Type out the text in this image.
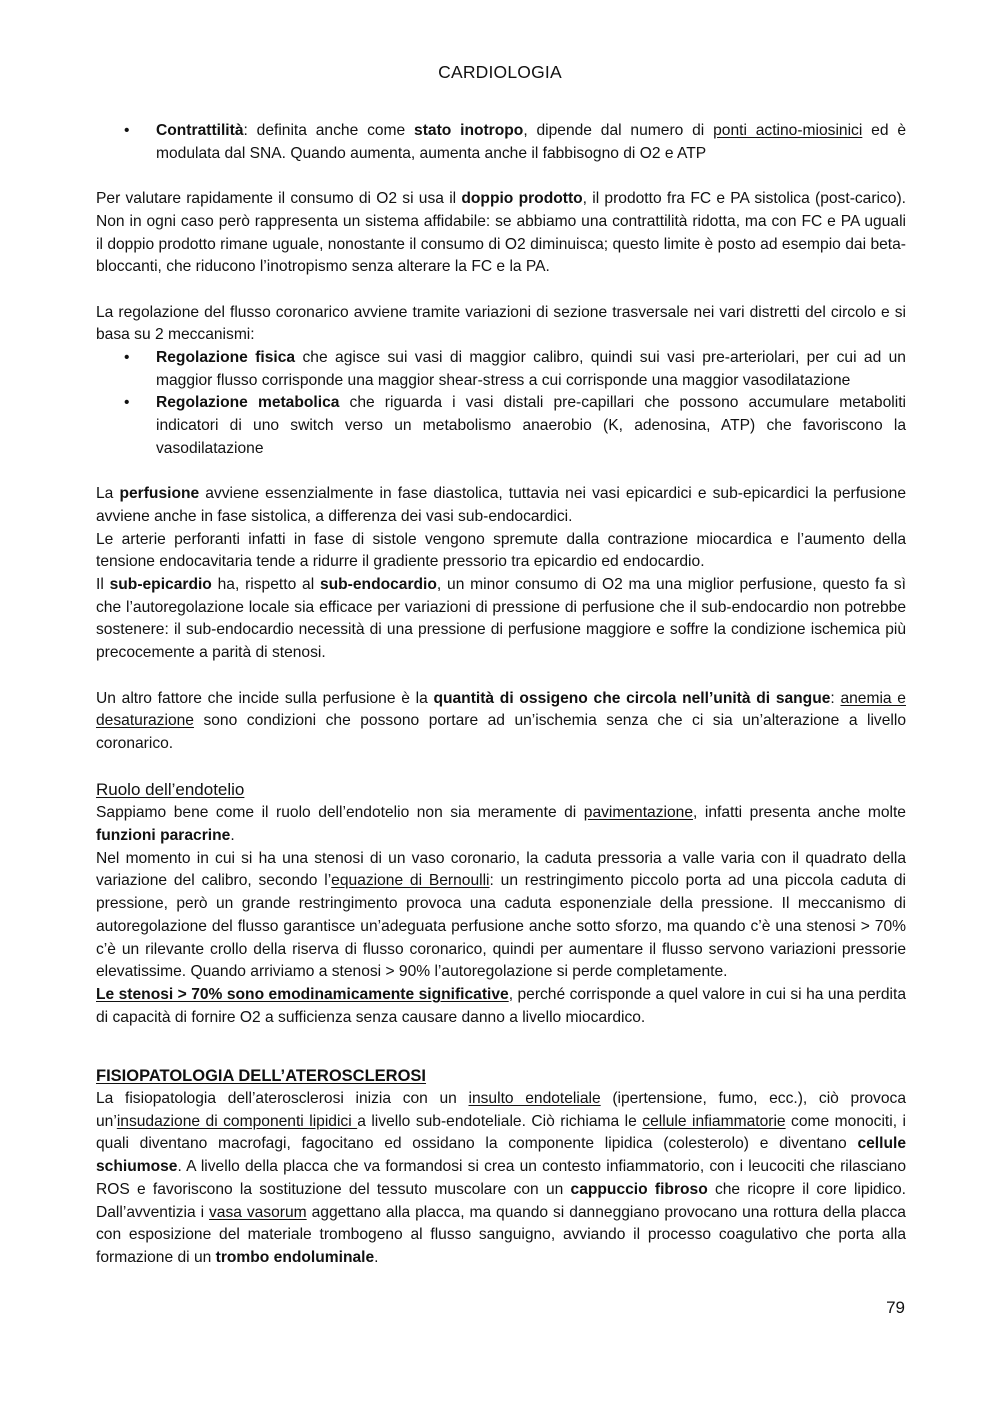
CARDIOLOGIA
• Contrattilità: definita anche come stato inotropo, dipende dal numero di ponti actino-miosinici ed è modulata dal SNA. Quando aumenta, aumenta anche il fabbisogno di O2 e ATP

Per valutare rapidamente il consumo di O2 si usa il doppio prodotto, il prodotto fra FC e PA sistolica (post-carico). Non in ogni caso però rappresenta un sistema affidabile: se abbiamo una contrattilità ridotta, ma con FC e PA uguali il doppio prodotto rimane uguale, nonostante il consumo di O2 diminuisca; questo limite è posto ad esempio dai beta-bloccanti, che riducono l’inotropismo senza alterare la FC e la PA.

La regolazione del flusso coronarico avviene tramite variazioni di sezione trasversale nei vari distretti del circolo e si basa su 2 meccanismi:

• Regolazione fisica che agisce sui vasi di maggior calibro, quindi sui vasi pre-arteriolari, per cui ad un maggior flusso corrisponde una maggior shear-stress a cui corrisponde una maggior vasodilatazione
• Regolazione metabolica che riguarda i vasi distali pre-capillari che possono accumulare metaboliti indicatori di uno switch verso un metabolismo anaerobio (K, adenosina, ATP) che favoriscono la vasodilatazione

La perfusione avviene essenzialmente in fase diastolica, tuttavia nei vasi epicardici e sub-epicardici la perfusione avviene anche in fase sistolica, a differenza dei vasi sub-endocardici.

Le arterie perforanti infatti in fase di sistole vengono spremute dalla contrazione miocardica e l’aumento della tensione endocavitaria tende a ridurre il gradiente pressorio tra epicardio ed endocardio.

Il sub-epicardio ha, rispetto al sub-endocardio, un minor consumo di O2 ma una miglior perfusione, questo fa sì che l’autoregolazione locale sia efficace per variazioni di pressione di perfusione che il sub-endocardio non potrebbe sostenere: il sub-endocardio necessità di una pressione di perfusione maggiore e soffre la condizione ischemica più precocemente a parità di stenosi.

Un altro fattore che incide sulla perfusione è la quantità di ossigeno che circola nell’unità di sangue: anemia e desaturazione sono condizioni che possono portare ad un’ischemia senza che ci sia un’alterazione a livello coronarico.

Ruolo dell’endotelio

Sappiamo bene come il ruolo dell’endotelio non sia meramente di pavimentazione, infatti presenta anche molte funzioni paracrine.

Nel momento in cui si ha una stenosi di un vaso coronario, la caduta pressoria a valle varia con il quadrato della variazione del calibro, secondo l’equazione di Bernoulli: un restringimento piccolo porta ad una piccola caduta di pressione, però un grande restringimento provoca una caduta esponenziale della pressione. Il meccanismo di autoregolazione del flusso garantisce un’adeguata perfusione anche sotto sforzo, ma quando c’è una stenosi > 70% c’è un rilevante crollo della riserva di flusso coronarico, quindi per aumentare il flusso servono variazioni pressorie elevatissime. Quando arriviamo a stenosi > 90% l’autoregolazione si perde completamente.

Le stenosi > 70% sono emodinamicamente significative, perché corrisponde a quel valore in cui si ha una perdita di capacità di fornire O2 a sufficienza senza causare danno a livello miocardico.

FISIOPATOLOGIA DELL’ATEROSCLEROSI

La fisiopatologia dell’aterosclerosi inizia con un insulto endoteliale (ipertensione, fumo, ecc.), ciò provoca un’insudazione di componenti lipidici a livello sub-endoteliale. Ciò richiama le cellule infiammatorie come monociti, i quali diventano macrofagi, fagocitano ed ossidano la componente lipidica (colesterolo) e diventano cellule schiumose. A livello della placca che va formandosi si crea un contesto infiammatorio, con i leucociti che rilasciano ROS e favoriscono la sostituzione del tessuto muscolare con un cappuccio fibroso che ricopre il core lipidico. Dall’avventizia i vasa vasorum aggettano alla placca, ma quando si danneggiano provocano una rottura della placca con esposizione del materiale trombogeno al flusso sanguigno, avviando il processo coagulativo che porta alla formazione di un trombo endoluminale.

79
